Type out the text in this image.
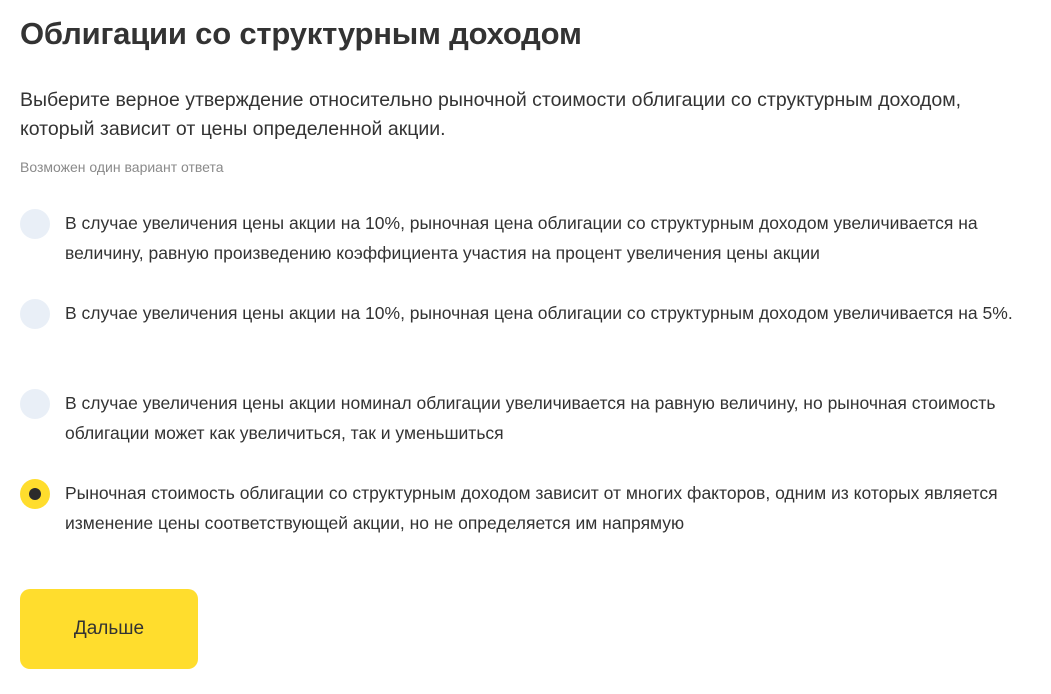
Облигации со структурным доходом

Выберите верное утверждение относительно рыночной стоимости облигации со структурным доходом, который зависит от цены определенной акции.

Возможен один вариант ответа

В случае увеличения цены акции на 10%, рыночная цена облигации со структурным доходом увеличивается на величину, равную произведению коэффициента участия на процент увеличения цены акции
В случае увеличения цены акции на 10%, рыночная цена облигации со структурным доходом увеличивается на 5%.
В случае увеличения цены акции номинал облигации увеличивается на равную величину, но рыночная стоимость облигации может как увеличиться, так и уменьшиться
Рыночная стоимость облигации со структурным доходом зависит от многих факторов, одним из которых является изменение цены соответствующей акции, но не определяется им напрямую
Дальше
